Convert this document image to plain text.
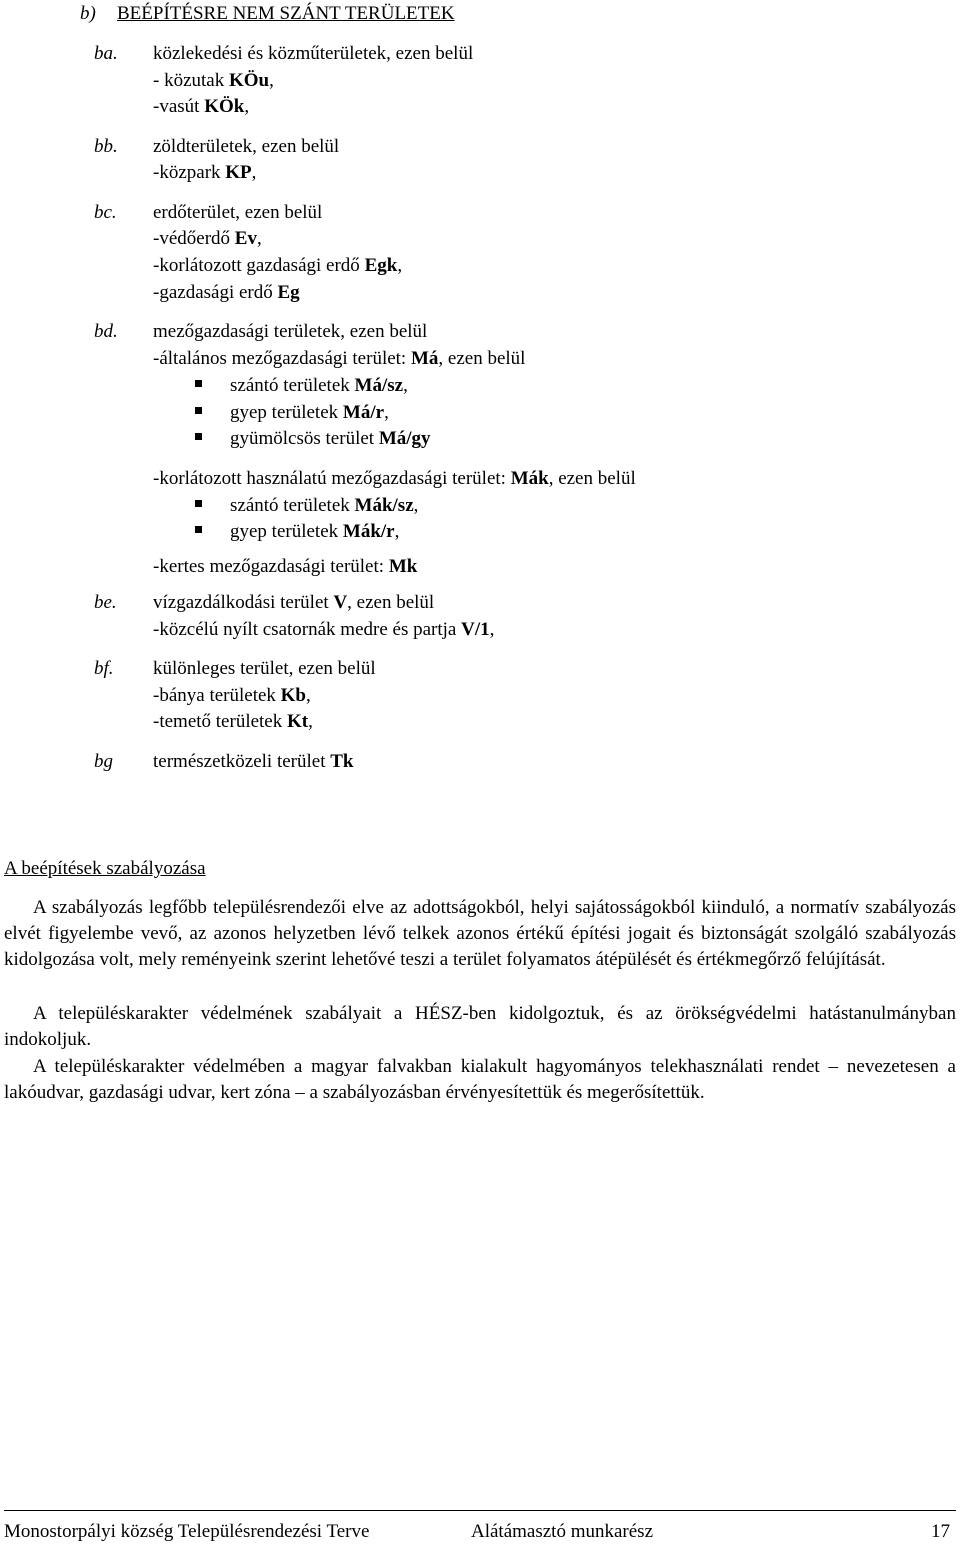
b) BEÉPÍTÉSRE NEM SZÁNT TERÜLETEK
ba. közlekedési és közműterületek, ezen belül
- közutak KÖu,
-vasút KÖk,
bb. zöldterületek, ezen belül
-közpark KP,
bc. erdőterület, ezen belül
-védőerdő Ev,
-korlátozott gazdasági erdő Egk,
-gazdasági erdő Eg
bd. mezőgazdasági területek, ezen belül
-általános mezőgazdasági terület: Má, ezen belül
szántó területek Má/sz,
gyep területek Má/r,
gyümölcsös terület Má/gy
-korlátozott használatú mezőgazdasági terület: Mák, ezen belül
szántó területek Mák/sz,
gyep területek Mák/r,
-kertes mezőgazdasági terület: Mk
be. vízgazdálkodási terület V, ezen belül
-közcélú nyílt csatornák medre és partja V/1,
bf. különleges terület, ezen belül
-bánya területek Kb,
-temető területek Kt,
bg természetközeli terület Tk
A beépítések szabályozása
A szabályozás legfőbb településrendezői elve az adottságokból, helyi sajátosságokból kiinduló, a normatív szabályozás elvét figyelembe vevő, az azonos helyzetben lévő telkek azonos értékű építési jogait és biztonságát szolgáló szabályozás kidolgozása volt, mely reményeink szerint lehetővé teszi a terület folyamatos átépülését és értékmegőrző felújítását.
A településkarakter védelmének szabályait a HÉSZ-ben kidolgoztuk, és az örökségvédelmi hatástanulmányban indokoljuk.
A településkarakter védelmében a magyar falvakban kialakult hagyományos telekhasználati rendet – nevezetesen a lakóudvar, gazdasági udvar, kert zóna – a szabályozásban érvényesítettük és megerősítettük.
Monostorpályi község Településrendezési Terve	Alátámasztó munkarész	17
